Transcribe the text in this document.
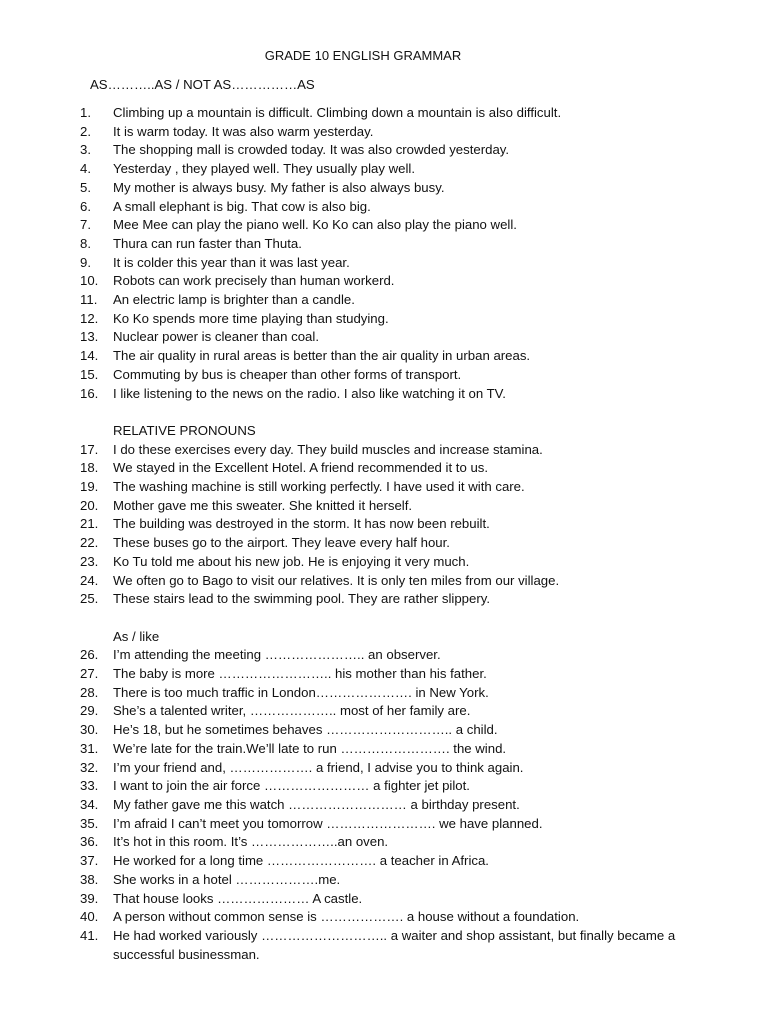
GRADE 10 ENGLISH GRAMMAR
AS………..AS / NOT AS……………AS
1.	Climbing up a mountain is difficult. Climbing down a mountain is also difficult.
2.	It is warm today. It was also warm yesterday.
3.	The shopping mall is crowded today. It was also crowded yesterday.
4.	Yesterday , they played well. They usually play well.
5.	My mother is always busy. My father is also always busy.
6.	A small elephant is big. That cow is also big.
7.	Mee Mee can play the piano well. Ko Ko can also play the piano well.
8.	Thura can run faster than Thuta.
9.	It is colder this year than it was last year.
10.	Robots can work precisely than human workerd.
11.	An electric lamp is brighter than a candle.
12.	Ko Ko spends more time playing than studying.
13.	Nuclear power is cleaner than coal.
14.	The air quality in rural areas is better than the air quality in urban areas.
15.	Commuting by bus is cheaper than other forms of transport.
16.	I like listening to the news on the radio. I also like watching it on TV.
RELATIVE PRONOUNS
17.	I do these exercises every day. They build muscles and increase stamina.
18.	We stayed in the Excellent Hotel. A friend recommended it to us.
19.	The washing machine is still working perfectly. I have used it with care.
20.	Mother gave me this sweater. She knitted it herself.
21.	The building was destroyed in the storm. It has now been rebuilt.
22.	These buses go to the airport. They leave every half hour.
23.	Ko Tu told me about his new job. He is enjoying it very much.
24.	We often go to Bago to visit our relatives. It is only ten miles from our village.
25.	These stairs lead to the swimming pool. They are rather slippery.
As / like
26.	I’m attending the meeting ………………….. an observer.
27.	The baby is more …………………….. his mother than his father.
28.	There is too much traffic in London…………………. in New York.
29.	She’s a talented writer, ……………….. most of her family are.
30.	He’s 18, but he sometimes behaves ……………………….. a child.
31.	We’re late for the train.We’ll late to run ……………………. the wind.
32.	I’m your friend and, ………………. a friend, I advise you to think again.
33.	I want to join the air force …………………… a fighter jet pilot.
34.	My father gave me this watch ……………………… a birthday present.
35.	I’m afraid I can’t meet you tomorrow ……………………. we have planned.
36.	It’s hot in this room. It’s ………………..an oven.
37.	He worked for a long time ……………………. a teacher in Africa.
38.	She works in a hotel ……………….me.
39.	That house looks ………………… A castle.
40.	A person without common sense is ………………. a house without a foundation.
41.	He had worked variously ……………………….. a waiter and shop assistant, but finally became a successful businessman.
